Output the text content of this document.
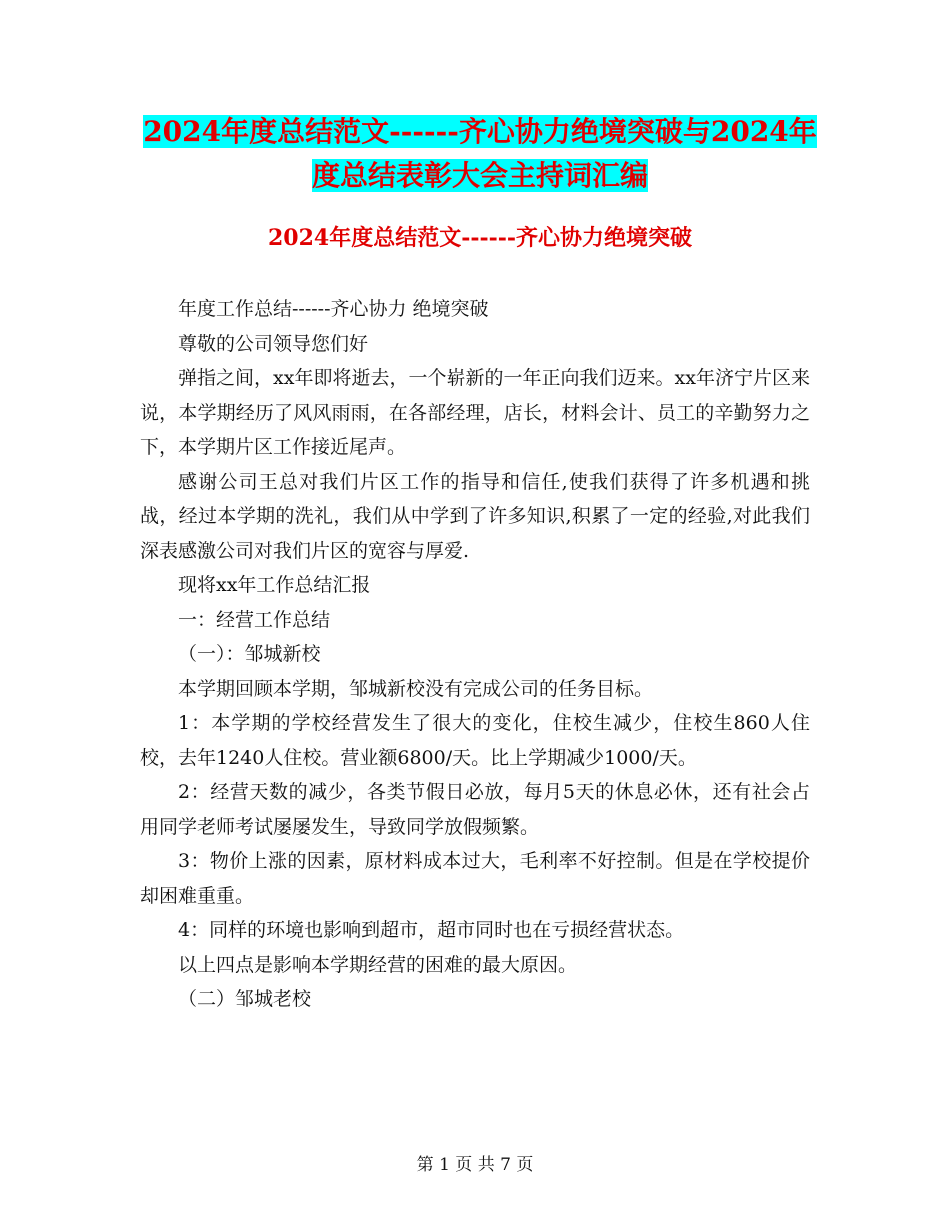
2024年度总结范文------齐心协力绝境突破与2024年度总结表彰大会主持词汇编
2024年度总结范文------齐心协力绝境突破

年度工作总结------齐心协力 绝境突破

尊敬的公司领导您们好

弹指之间，xx年即将逝去，一个崭新的一年正向我们迈来。xx年济宁片区来说，本学期经历了风风雨雨，在各部经理，店长，材料会计、员工的辛勤努力之下，本学期片区工作接近尾声。

感谢公司王总对我们片区工作的指导和信任,使我们获得了许多机遇和挑战，经过本学期的洗礼，我们从中学到了许多知识,积累了一定的经验,对此我们深表感激公司对我们片区的宽容与厚爱.

现将xx年工作总结汇报

一：经营工作总结

（一）：邹城新校

本学期回顾本学期，邹城新校没有完成公司的任务目标。

1：本学期的学校经营发生了很大的变化，住校生减少，住校生860人住校，去年1240人住校。营业额6800/天。比上学期减少1000/天。

2：经营天数的减少，各类节假日必放，每月5天的休息必休，还有社会占用同学老师考试屡屡发生，导致同学放假频繁。

3：物价上涨的因素，原材料成本过大，毛利率不好控制。但是在学校提价却困难重重。

4：同样的环境也影响到超市，超市同时也在亏损经营状态。

以上四点是影响本学期经营的困难的最大原因。

（二）邹城老校

第 1 页 共 7 页
